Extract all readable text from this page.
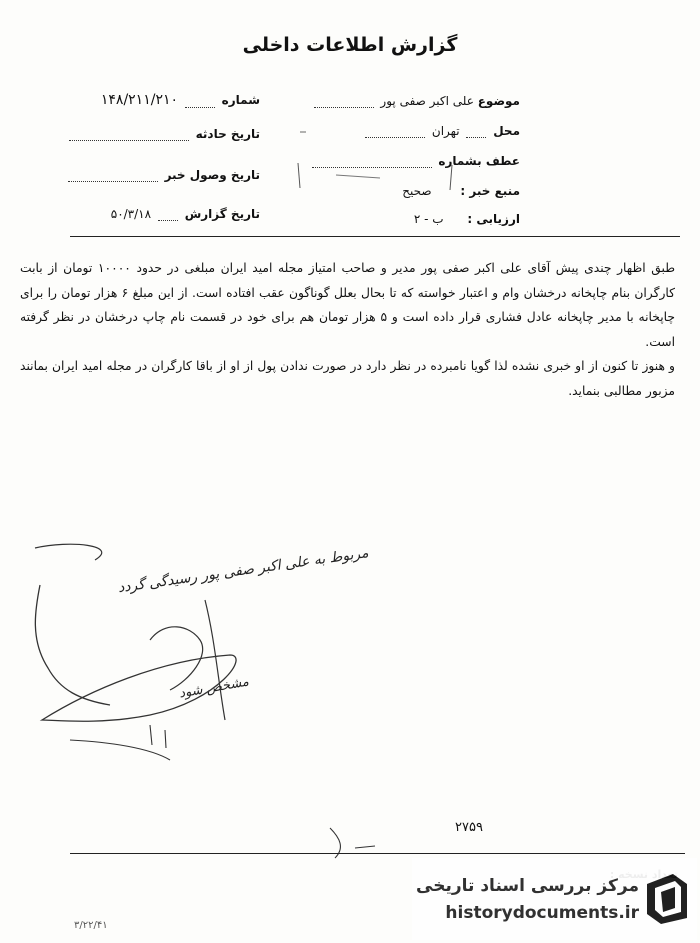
گزارش اطلاعات داخلی
موضوع علی اکبر صفی پور
محل  تهران
عطف بشماره
منبع خبر : صحیح
ارزیابی : ب - ۲
شماره  ۱۴۸/۲۱۱/۲۱۰
تاریخ حادثه
تاریخ وصول خبر
تاریخ گزارش  ۵۰/۳/۱۸

طبق اظهار چندی پیش آقای علی اکبر صفی پور مدیر و صاحب امتیاز مجله امید ایران مبلغی در حدود ۱۰۰۰۰ تومان از بابت کارگران بنام چاپخانه درخشان وام و اعتبار خواسته که تا بحال بعلل گوناگون عقب افتاده است. از این مبلغ ۶ هزار تومان را برای چاپخانه با مدیر چاپخانه عادل فشاری قرار داده است و ۵ هزار تومان هم برای خود در قسمت نام چاپ درخشان در نظر گرفته است.

و هنوز تا کنون از او خبری نشده لذا گویا نامبرده در نظر دارد در صورت ندادن پول از او از باقا کارگران در مجله امید ایران بمانند مزبور مطالبی بنماید.

مربوط به علی اکبر صفی پور رسیدگی گردد
مشخص شود
۲۷۵۹
۳/۲۲/۴۱
مرکز بررسی اسناد تاریخی
historydocuments.ir
